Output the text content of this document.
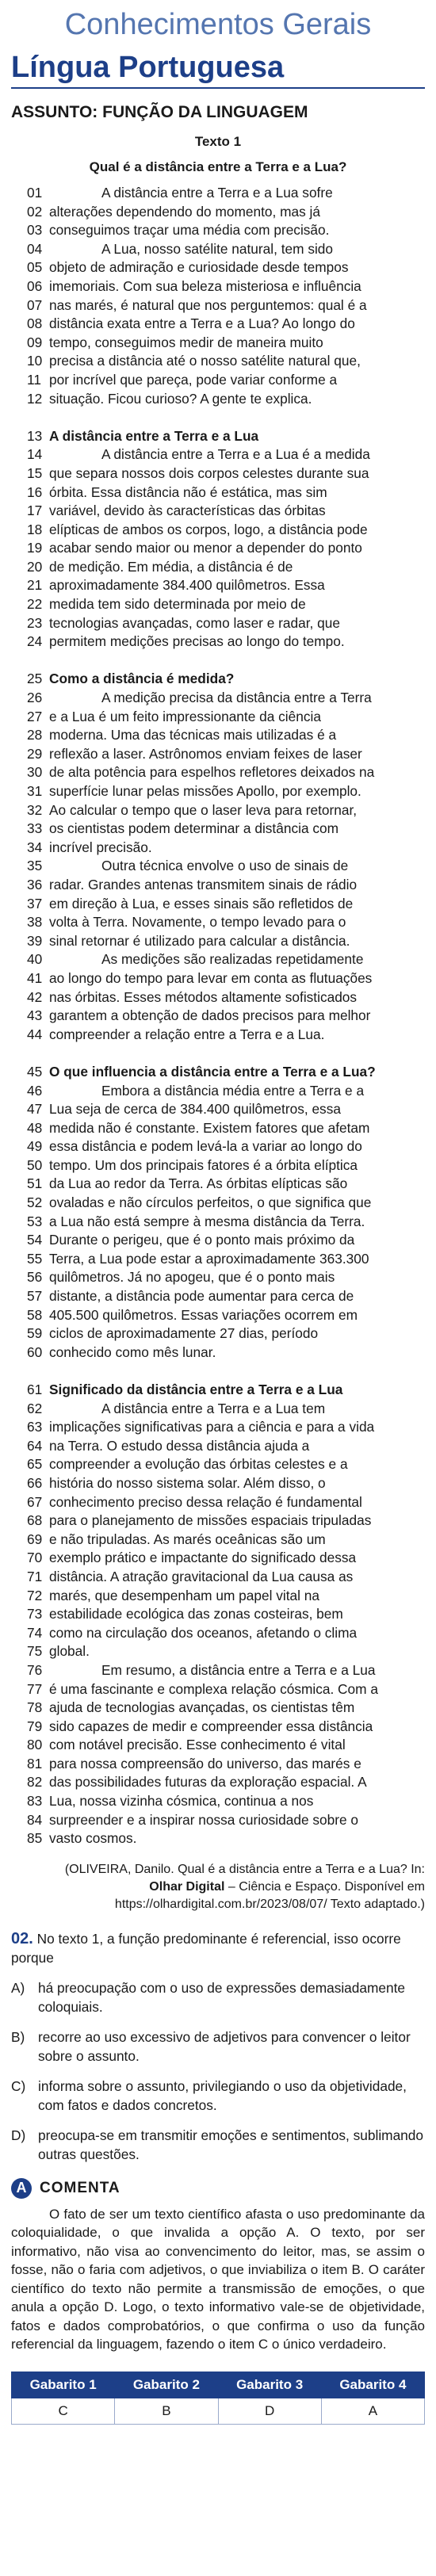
Conhecimentos Gerais
Língua Portuguesa
ASSUNTO: FUNÇÃO DA LINGUAGEM
Texto 1
Qual é a distância entre a Terra e a Lua?
01	A distância entre a Terra e a Lua sofre
02 alterações dependendo do momento, mas já
03 conseguimos traçar uma média com precisão.
04	A Lua, nosso satélite natural, tem sido
05 objeto de admiração e curiosidade desde tempos
06 imemoriais. Com sua beleza misteriosa e influência
07 nas marés, é natural que nos perguntemos: qual é a
08 distância exata entre a Terra e a Lua? Ao longo do
09 tempo, conseguimos medir de maneira muito
10 precisa a distância até o nosso satélite natural que,
11 por incrível que pareça, pode variar conforme a
12 situação. Ficou curioso? A gente te explica.
13 A distância entre a Terra e a Lua
14	A distância entre a Terra e a Lua é a medida
15 que separa nossos dois corpos celestes durante sua
16 órbita. Essa distância não é estática, mas sim
17 variável, devido às características das órbitas
18 elípticas de ambos os corpos, logo, a distância pode
19 acabar sendo maior ou menor a depender do ponto
20 de medição. Em média, a distância é de
21 aproximadamente 384.400 quilômetros. Essa
22 medida tem sido determinada por meio de
23 tecnologias avançadas, como laser e radar, que
24 permitem medições precisas ao longo do tempo.
25 Como a distância é medida?
26	A medição precisa da distância entre a Terra
27 e a Lua é um feito impressionante da ciência
28 moderna. Uma das técnicas mais utilizadas é a
29 reflexão a laser. Astrônomos enviam feixes de laser
30 de alta potência para espelhos refletores deixados na
31 superfície lunar pelas missões Apollo, por exemplo.
32 Ao calcular o tempo que o laser leva para retornar,
33 os cientistas podem determinar a distância com
34 incrível precisão.
35	Outra técnica envolve o uso de sinais de
36 radar. Grandes antenas transmitem sinais de rádio
37 em direção à Lua, e esses sinais são refletidos de
38 volta à Terra. Novamente, o tempo levado para o
39 sinal retornar é utilizado para calcular a distância.
40	As medições são realizadas repetidamente
41 ao longo do tempo para levar em conta as flutuações
42 nas órbitas. Esses métodos altamente sofisticados
43 garantem a obtenção de dados precisos para melhor
44 compreender a relação entre a Terra e a Lua.
45 O que influencia a distância entre a Terra e a Lua?
46	Embora a distância média entre a Terra e a
47 Lua seja de cerca de 384.400 quilômetros, essa
48 medida não é constante. Existem fatores que afetam
49 essa distância e podem levá-la a variar ao longo do
50 tempo. Um dos principais fatores é a órbita elíptica
51 da Lua ao redor da Terra. As órbitas elípticas são
52 ovaladas e não círculos perfeitos, o que significa que
53 a Lua não está sempre à mesma distância da Terra.
54 Durante o perigeu, que é o ponto mais próximo da
55 Terra, a Lua pode estar a aproximadamente 363.300
56 quilômetros. Já no apogeu, que é o ponto mais
57 distante, a distância pode aumentar para cerca de
58 405.500 quilômetros. Essas variações ocorrem em
59 ciclos de aproximadamente 27 dias, período
60 conhecido como mês lunar.
61 Significado da distância entre a Terra e a Lua
62	A distância entre a Terra e a Lua tem
63 implicações significativas para a ciência e para a vida
64 na Terra. O estudo dessa distância ajuda a
65 compreender a evolução das órbitas celestes e a
66 história do nosso sistema solar. Além disso, o
67 conhecimento preciso dessa relação é fundamental
68 para o planejamento de missões espaciais tripuladas
69 e não tripuladas. As marés oceânicas são um
70 exemplo prático e impactante do significado dessa
71 distância. A atração gravitacional da Lua causa as
72 marés, que desempenham um papel vital na
73 estabilidade ecológica das zonas costeiras, bem
74 como na circulação dos oceanos, afetando o clima
75 global.
76	Em resumo, a distância entre a Terra e a Lua
77 é uma fascinante e complexa relação cósmica. Com a
78 ajuda de tecnologias avançadas, os cientistas têm
79 sido capazes de medir e compreender essa distância
80 com notável precisão. Esse conhecimento é vital
81 para nossa compreensão do universo, das marés e
82 das possibilidades futuras da exploração espacial. A
83 Lua, nossa vizinha cósmica, continua a nos
84 surpreender e a inspirar nossa curiosidade sobre o
85 vasto cosmos.
(OLIVEIRA, Danilo. Qual é a distância entre a Terra e a Lua? In:
Olhar Digital – Ciência e Espaço. Disponível em
https://olhardigital.com.br/2023/08/07/ Texto adaptado.)
02. No texto 1, a função predominante é referencial, isso ocorre porque
A) há preocupação com o uso de expressões demasiadamente coloquiais.
B) recorre ao uso excessivo de adjetivos para convencer o leitor sobre o assunto.
C) informa sobre o assunto, privilegiando o uso da objetividade, com fatos e dados concretos.
D) preocupa-se em transmitir emoções e sentimentos, sublimando outras questões.
A COMENTA
O fato de ser um texto científico afasta o uso predominante da coloquialidade, o que invalida a opção A. O texto, por ser informativo, não visa ao convencimento do leitor, mas, se assim o fosse, não o faria com adjetivos, o que inviabiliza o item B. O caráter científico do texto não permite a transmissão de emoções, o que anula a opção D. Logo, o texto informativo vale-se de objetividade, fatos e dados comprobatórios, o que confirma o uso da função referencial da linguagem, fazendo o item C o único verdadeiro.
Gabarito 1	Gabarito 2	Gabarito 3	Gabarito 4
C	B	D	A
